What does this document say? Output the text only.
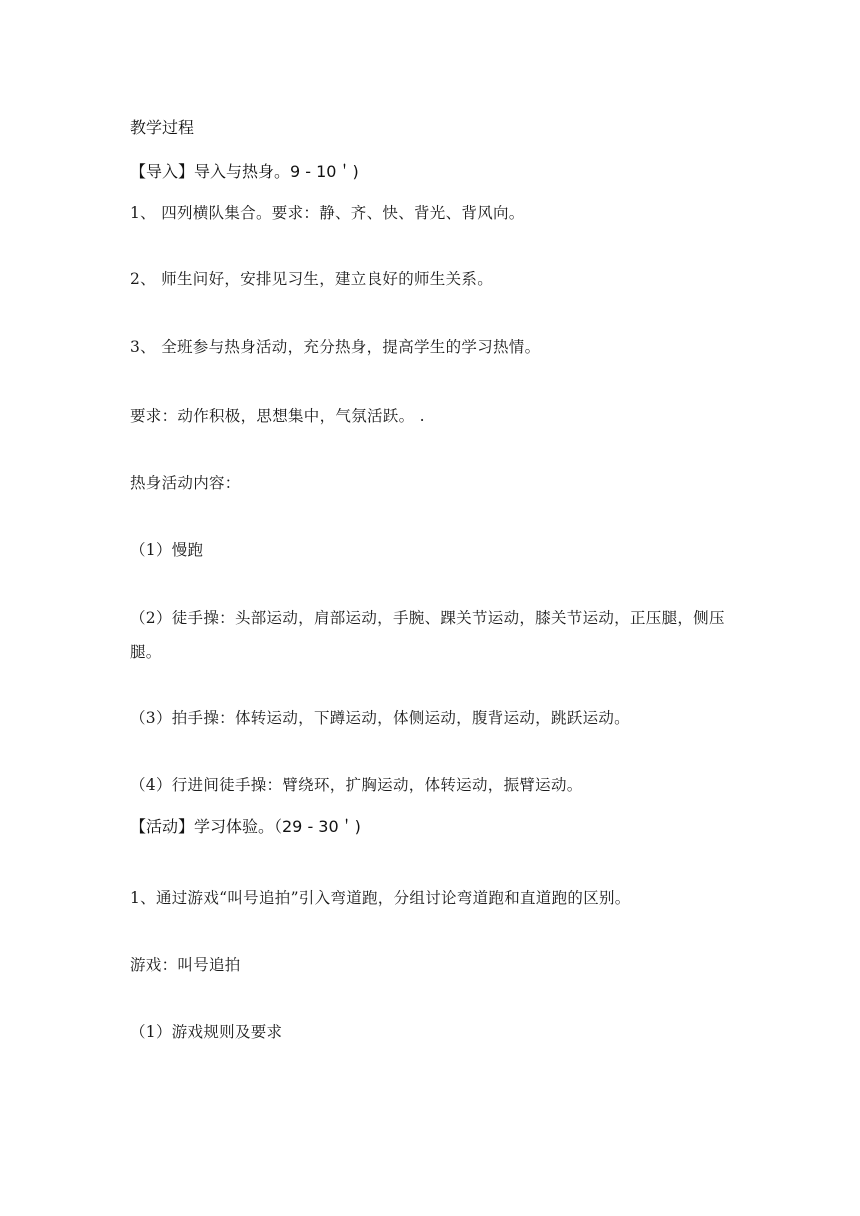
教学过程
【导入】导入与热身。9 - 10＇)
1、 四列横队集合。要求：静、齐、快、背光、背风向。
2、 师生问好，安排见习生，建立良好的师生关系。
3、 全班参与热身活动，充分热身，提高学生的学习热情。
要求：动作积极，思想集中，气氛活跃。 .
热身活动内容：
（1）慢跑
（2）徒手操：头部运动，肩部运动，手腕、踝关节运动，膝关节运动，正压腿，侧压腿。
（3）拍手操：体转运动，下蹲运动，体侧运动，腹背运动，跳跃运动。
（4）行进间徒手操：臂绕环，扩胸运动，体转运动，振臂运动。
【活动】学习体验。（29 - 30＇)
1、通过游戏“叫号追拍”引入弯道跑，分组讨论弯道跑和直道跑的区别。
游戏：叫号追拍
（1）游戏规则及要求
